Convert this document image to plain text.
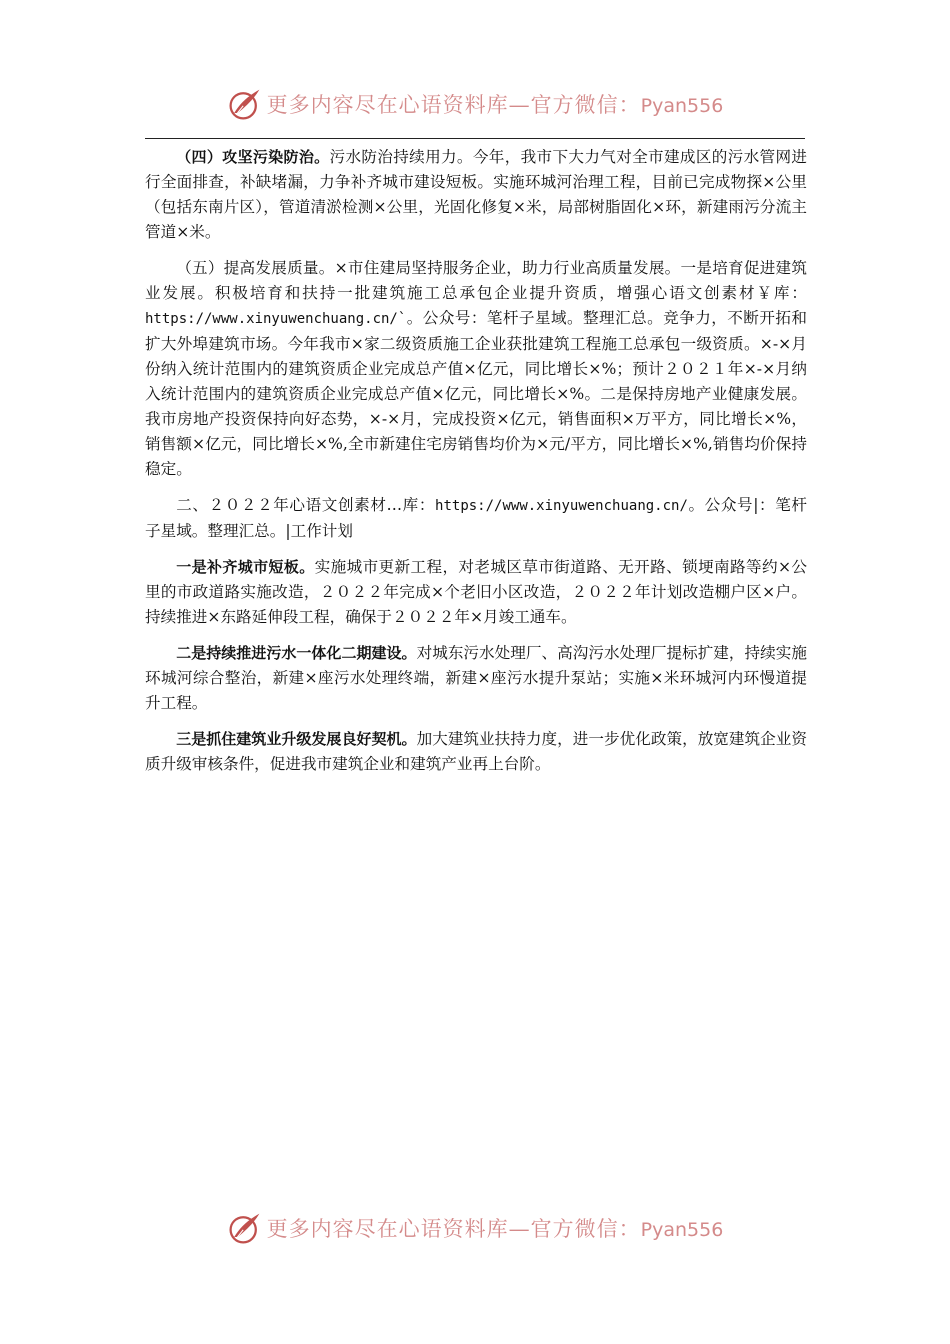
更多内容尽在心语资料库—官方微信：Pyan556

（四）攻坚污染防治。污水防治持续用力。今年，我市下大力气对全市建成区的污水管网进行全面排查，补缺堵漏，力争补齐城市建设短板。实施环城河治理工程，目前已完成物探×公里（包括东南片区），管道清淤检测×公里，光固化修复×米，局部树脂固化×环，新建雨污分流主管道×米。

（五）提高发展质量。×市住建局坚持服务企业，助力行业高质量发展。一是培育促进建筑业发展。积极培育和扶持一批建筑施工总承包企业提升资质，增强心语文创素材￥库：https://www.xinyuwenchuang.cn/`。公众号：笔杆子星域。整理汇总。竞争力，不断开拓和扩大外埠建筑市场。今年我市×家二级资质施工企业获批建筑工程施工总承包一级资质。×-×月份纳入统计范围内的建筑资质企业完成总产值×亿元，同比增长×%；预计２０２１年×-×月纳入统计范围内的建筑资质企业完成总产值×亿元，同比增长×%。二是保持房地产业健康发展。我市房地产投资保持向好态势，×-×月，完成投资×亿元，销售面积×万平方，同比增长×%，销售额×亿元，同比增长×%,全市新建住宅房销售均价为×元/平方，同比增长×%,销售均价保持稳定。

二、２０２２年心语文创素材…库：https://www.xinyuwenchuang.cn/。公众号|：笔杆子星域。整理汇总。|工作计划

一是补齐城市短板。实施城市更新工程，对老城区草市街道路、无开路、锁埂南路等约×公里的市政道路实施改造，２０２２年完成×个老旧小区改造，２０２２年计划改造棚户区×户。持续推进×东路延伸段工程，确保于２０２２年×月竣工通车。

二是持续推进污水一体化二期建设。对城东污水处理厂、高沟污水处理厂提标扩建，持续实施环城河综合整治，新建×座污水处理终端，新建×座污水提升泵站；实施×米环城河内环慢道提升工程。

三是抓住建筑业升级发展良好契机。加大建筑业扶持力度，进一步优化政策，放宽建筑企业资质升级审核条件，促进我市建筑企业和建筑产业再上台阶。

更多内容尽在心语资料库—官方微信：Pyan556
